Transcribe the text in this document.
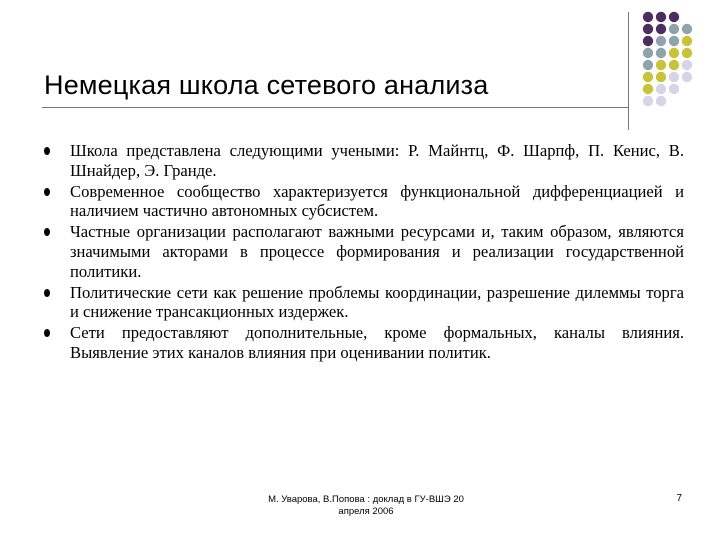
Немецкая школа сетевого анализа
Школа представлена следующими учеными: Р. Майнтц, Ф. Шарпф, П. Кенис, В. Шнайдер, Э. Гранде.
Современное сообщество характеризуется функциональной дифференциацией и наличием частично автономных субсистем.
Частные организации располагают важными ресурсами и, таким образом, являются значимыми акторами в процессе формирования и реализации государственной политики.
Политические сети как решение проблемы координации, разрешение дилеммы торга и снижение трансакционных издержек.
Сети предоставляют дополнительные, кроме формальных, каналы влияния. Выявление этих каналов влияния при оценивании политик.
М. Уварова, В.Попова : доклад в ГУ-ВШЭ 20
апреля 2006
7
